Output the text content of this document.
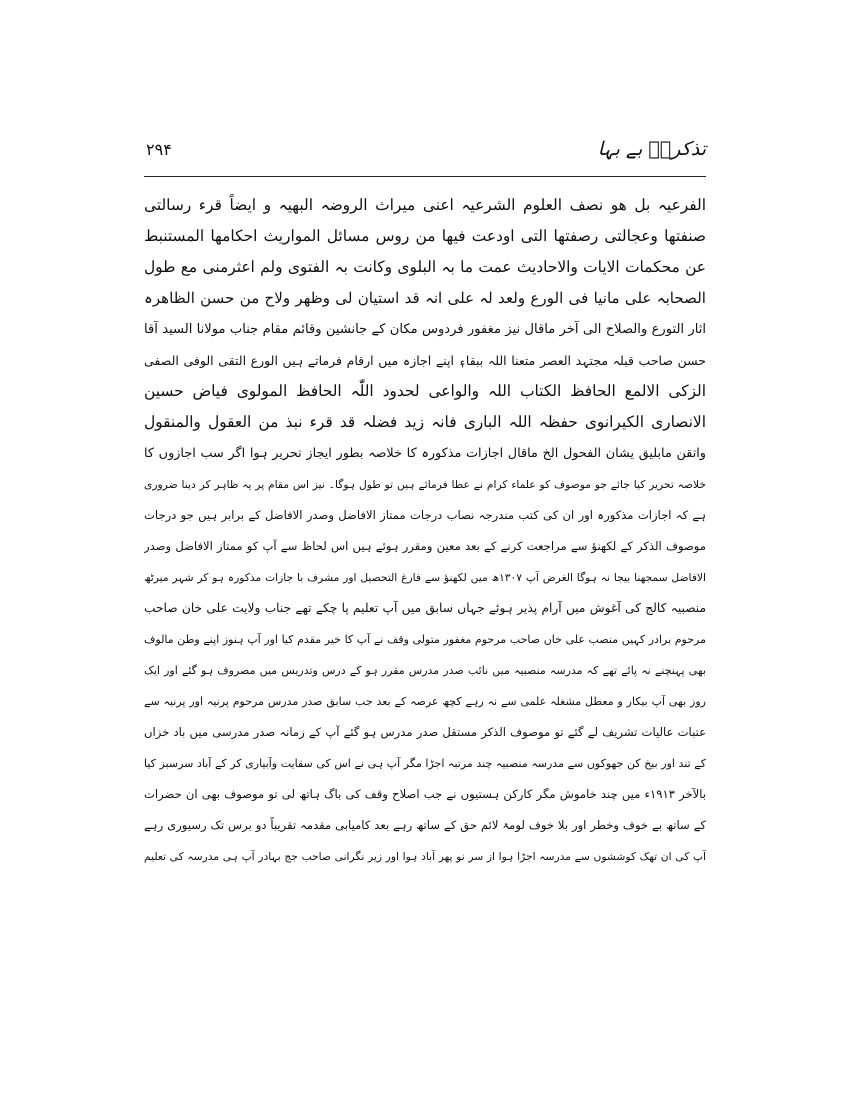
تذکرہٗ بے بہا
۲۹۴
الفرعیہ بل ھو نصف العلوم الشرعیہ اعنی میراث الروضہ البھیہ و ایضاً قرء رسالتی
صنفتھا وعجالتی رصفتھا التی اودعت فیھا من روس مسائل المواریث احکامھا المستنبط
عن محکمات الایات والاحادیث عمت ما بہ البلوی وکانت بہ الفتوی ولم اعثرمنی مع طول
الصحابہ علی مانیا فی الورع ولعد لہ علی انہ قد استیان لی وظھر ولاح من حسن الظاھرہ
اثار التورع والصلاح الی آخر ماقال نیز مغفور فردوس مکان کے جانشین وقائم مقام جناب مولانا السید آقا
حسن صاحب قبلہ مجتہد العصر متعنا اللہ ببقاءٖ اپنے اجازہ میں ارقام فرماتے ہیں الورع التقی الوفی الصفی
الزکی الالمع الحافظ الکتاب اللہ والواعی لحدود اللّٰہ الحافظ المولوی فیاض حسین
الانصاری الکیرانوی حفظہ اللہ الباری فانہ زید فضلہ قد قرء نبذ من العقول والمنقول
واتقن مابلیق یشان الفحول الخ ماقال اجازات مذکورہ کا خلاصہ بطور ایجاز تحریر ہوا اگر سب اجازوں کا
خلاصہ تحریر کیا جائے جو موصوف کو علماء کرام نے عطا فرمائے ہیں تو طول ہوگا۔ نیز اس مقام پر یہ ظاہر کر دینا ضروری
ہے کہ اجازات مذکورہ اور ان کی کتب مندرجہ نصاب درجات ممتاز الافاضل وصدر الافاضل کے برابر ہیں جو درجات
موصوف الذکر کے لکھنؤ سے مراجعت کرنے کے بعد معین ومقرر ہوئے ہیں اس لحاظ سے آپ کو ممتاز الافاضل وصدر
الافاضل سمجھنا بیجا نہ ہوگا الغرض آپ ۱۳۰۷ھ میں لکھنؤ سے فارغ التحصیل اور مشرف با جازات مذکورہ ہو کر شہر میرٹھ
منصبیہ کالج کی آغوش میں آرام پذیر ہوئے جہاں سابق میں آپ تعلیم پا چکے تھے جناب ولایت علی خان صاحب
مرحوم برادر کہیں منصب علی خاں صاحب مرحوم مغفور متولی وقف نے آپ کا خیر مقدم کیا اور آپ ہنوز اپنے وطن مالوف
بھی پہنچنے نہ پائے تھے کہ مدرسہ منصبیہ میں نائب صدر مدرس مقرر ہو کے درس وتدریس میں مصروف ہو گئے اور ایک
روز بھی آپ بیکار و معطل مشغلہ علمی سے نہ رہے کچھ عرصہ کے بعد جب سابق صدر مدرس مرحوم پرنیہ اور پرنیہ سے
عتبات عالیات تشریف لے گئے تو موصوف الذکر مستقل صدر مدرس ہو گئے آپ کے زمانہ صدر مدرسی میں باد خزاں
کے تند اور بیخ کن جھوکوں سے مدرسہ منصبیہ چند مرتبہ اجڑا مگر آپ ہی نے اس کی سقایت وآبیاری کر کے آباد سرسبز کیا
بالآخر ۱۹۱۳ء میں چند خاموش مگر کارکن ہستیوں نے جب اصلاح وقف کی باگ ہاتھ لی تو موصوف بھی ان حضرات
کے ساتھ بے خوف وخطر اور بلا خوف لومۃ لائم حق کے ساتھ رہے بعد کامیابی مقدمہ تقریباً دو برس تک رسیوری رہے
آپ کی ان تھک کوششوں سے مدرسہ اجڑا ہوا از سر نو پھر آباد ہوا اور زیر نگرانی صاحب جج بہادر آپ ہی مدرسہ کی تعلیم
